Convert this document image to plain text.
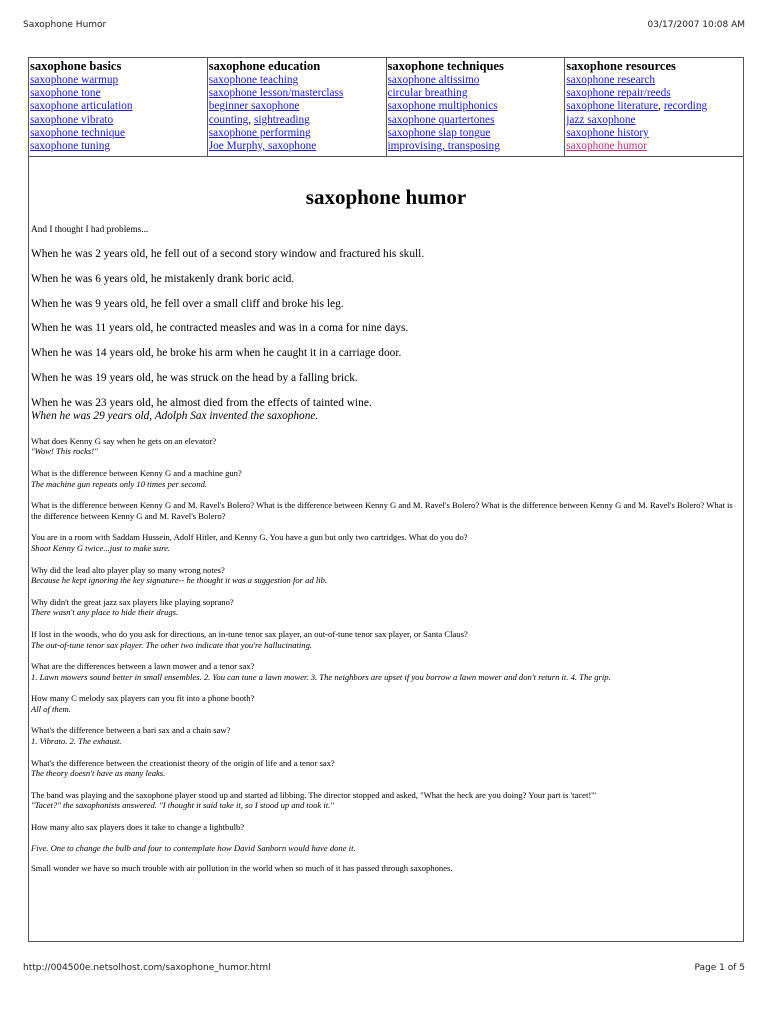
Saxophone Humor	03/17/2007 10:08 AM
saxophone basics
saxophone warmup
saxophone tone
saxophone articulation
saxophone vibrato
saxophone technique
saxophone tuning
saxophone education
saxophone teaching
saxophone lesson/masterclass
beginner saxophone
counting, sightreading
saxophone performing
Joe Murphy, saxophone
saxophone techniques
saxophone altissimo
circular breathing
saxophone multiphonics
saxophone quartertones
saxophone slap tongue
improvising, transposing
saxophone resources
saxophone research
saxophone repair/reeds
saxophone literature, recording
jazz saxophone
saxophone history
saxophone humor
saxophone humor

And I thought I had problems...

When he was 2 years old, he fell out of a second story window and fractured his skull.

When he was 6 years old, he mistakenly drank boric acid.

When he was 9 years old, he fell over a small cliff and broke his leg.

When he was 11 years old, he contracted measles and was in a coma for nine days.

When he was 14 years old, he broke his arm when he caught it in a carriage door.

When he was 19 years old, he was struck on the head by a falling brick.

When he was 23 years old, he almost died from the effects of tainted wine.

When he was 29 years old, Adolph Sax invented the saxophone.

What does Kenny G say when he gets on an elevator?
"Wow! This rocks!"

What is the difference between Kenny G and a machine gun?
The machine gun repeats only 10 times per second.

What is the difference between Kenny G and M. Ravel's Bolero? What is the difference between Kenny G and M. Ravel's Bolero? What is the difference between Kenny G and M. Ravel's Bolero? What is the difference between Kenny G and M. Ravel's Bolero?

You are in a room with Saddam Hussein, Adolf Hitler, and Kenny G. You have a gun but only two cartridges. What do you do?
Shoot Kenny G twice...just to make sure.

Why did the lead alto player play so many wrong notes?
Because he kept ignoring the key signature-- he thought it was a suggestion for ad lib.

Why didn't the great jazz sax players like playing soprano?
There wasn't any place to hide their drugs.

If lost in the woods, who do you ask for directions, an in-tune tenor sax player, an out-of-tune tenor sax player, or Santa Claus?
The out-of-tune tenor sax player. The other two indicate that you're hallucinating.

What are the differences between a lawn mower and a tenor sax?
1. Lawn mowers sound better in small ensembles. 2. You can tune a lawn mower. 3. The neighbors are upset if you borrow a lawn mower and don't return it. 4. The grip.

How many C melody sax players can you fit into a phone booth?
All of them.

What's the difference between a bari sax and a chain saw?
1. Vibrato. 2. The exhaust.

What's the difference between the creationist theory of the origin of life and a tenor sax?
The theory doesn't have as many leaks.

The band was playing and the saxophone player stood up and started ad libbing. The director stopped and asked, "What the heck are you doing? Your part is 'tacet!'"
"Tacet?" the saxophonists answered. "I thought it said take it, so I stood up and took it."

How many alto sax players does it take to change a lightbulb?

Five. One to change the bulb and four to contemplate how David Sanborn would have done it.

Small wonder we have so much trouble with air pollution in the world when so much of it has passed through saxophones.

http://004500e.netsolhost.com/saxophone_humor.html	Page 1 of 5
